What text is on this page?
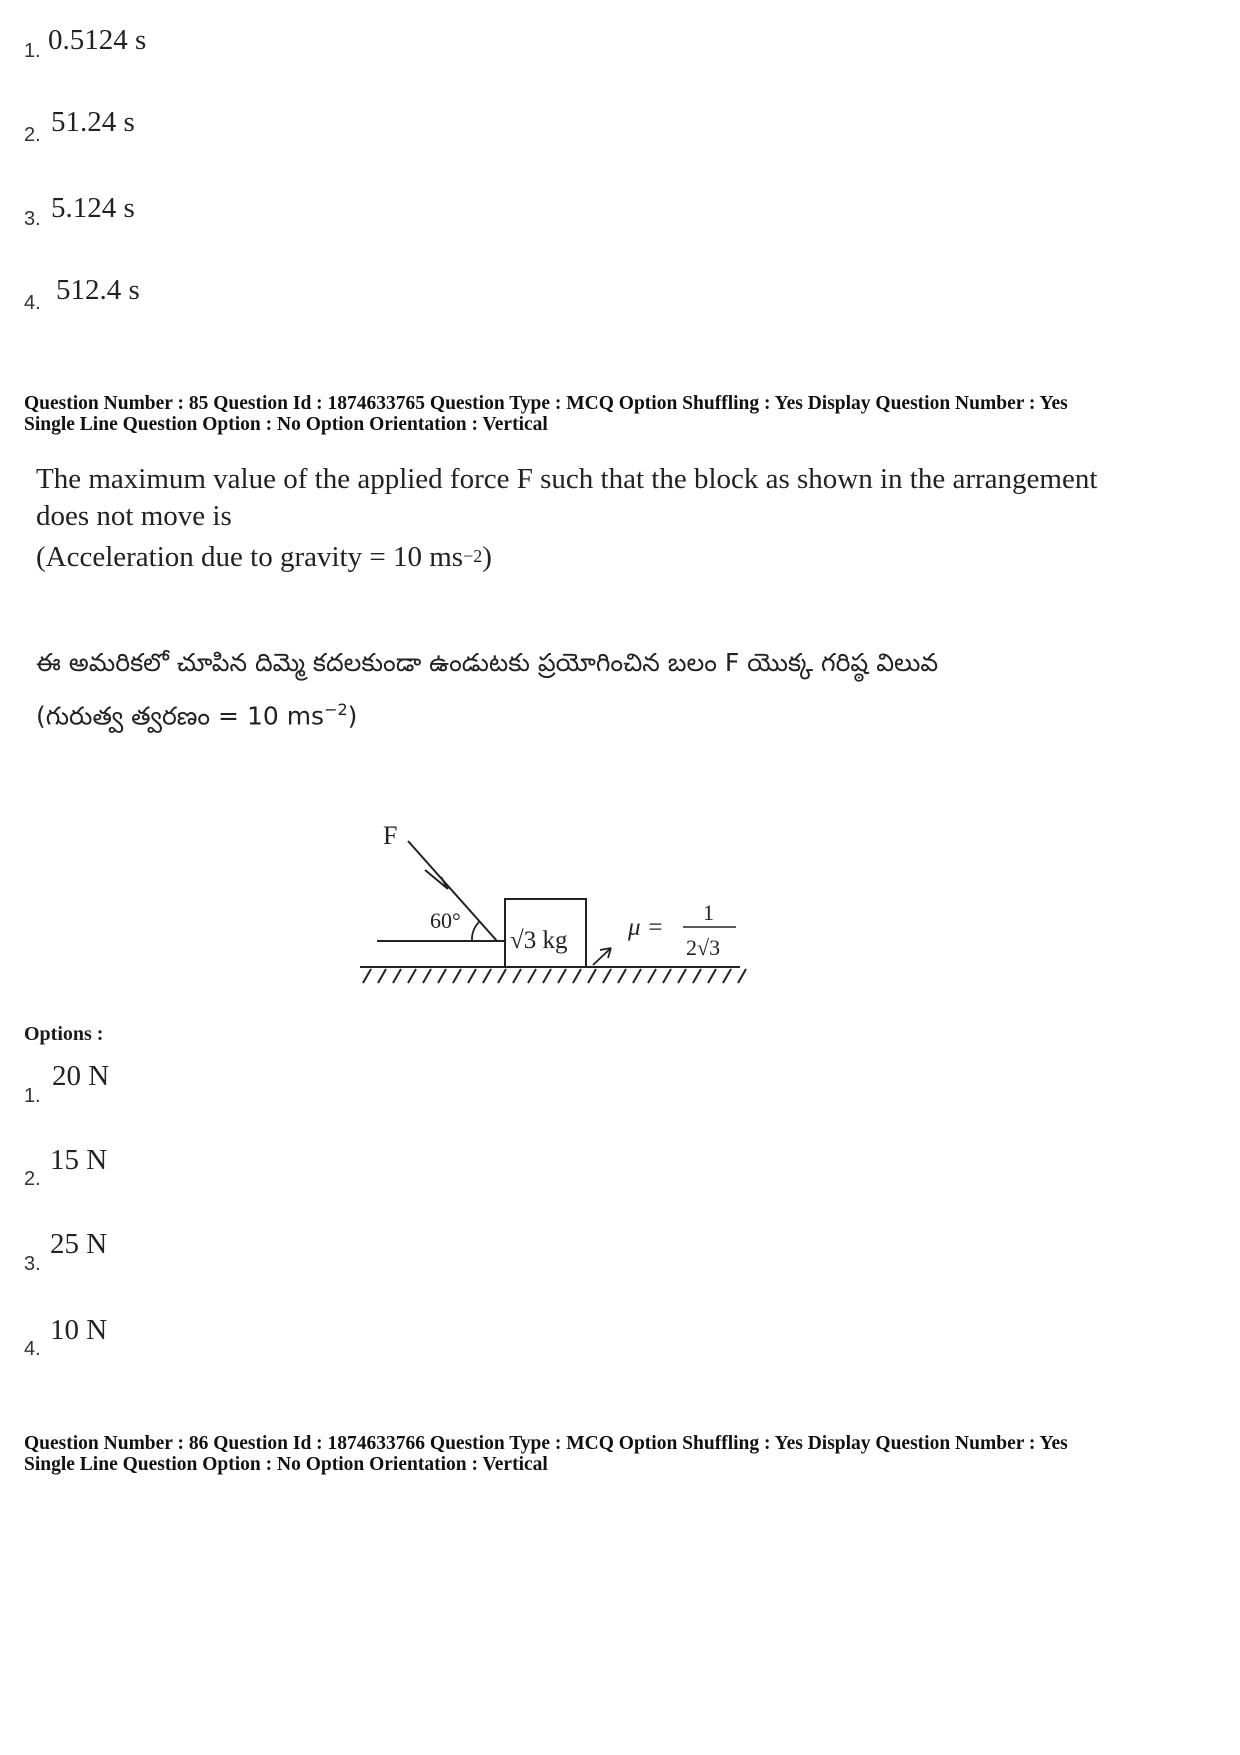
1. 0.5124 s
2. 51.24 s
3. 5.124 s
4. 512.4 s
Question Number : 85 Question Id : 1874633765 Question Type : MCQ Option Shuffling : Yes Display Question Number : Yes
Single Line Question Option : No Option Orientation : Vertical
The maximum value of the applied force F such that the block as shown in the arrangement
does not move is
(Acceleration due to gravity = 10 $ms^{-2}$)
ఈ అమరికలో చూపిన దిమ్మె కదలకుండా ఉండుటకు ప్రయోగించిన బలం F యొక్క గరిష్ఠ విలువ
(గురుత్వ త్వరణం = 10 $ms^{-2}$)
F
60°
√3 kg μ =
1
2√3
Options :
1.
20 N
2.
15 N
3.
25 N
4.
10 N
Question Number : 86 Question Id : 1874633766 Question Type : MCQ Option Shuffling : Yes Display Question Number : Yes
Single Line Question Option : No Option Orientation : Vertical
